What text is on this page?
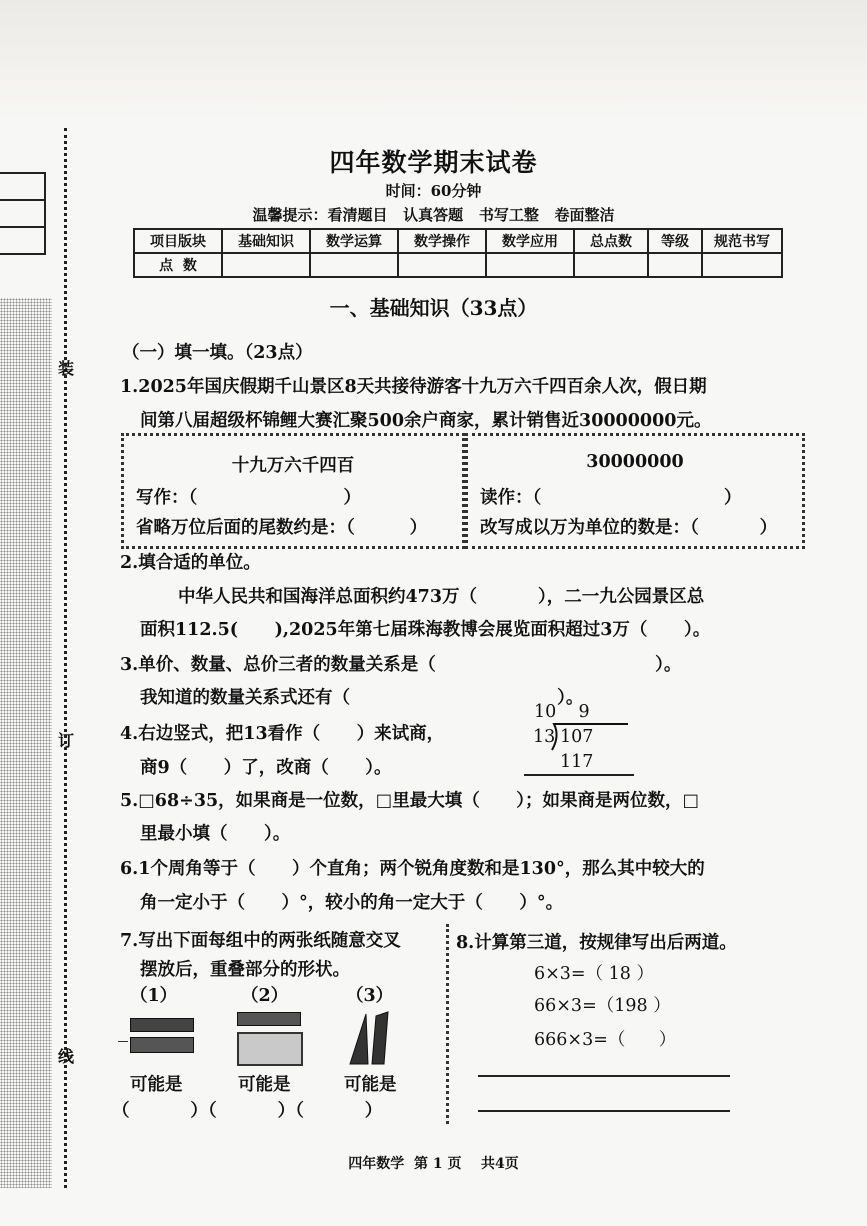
装
订
线
四年数学期末试卷
时间：60分钟
温馨提示：看清题目   认真答题   书写工整   卷面整洁
项目版块	基础知识	数学运算	数学操作	数学应用	总点数	等级	规范书写
点  数							
一、基础知识（33点）
（一）填一填。（23点）
1.2025年国庆假期千山景区8天共接待游客十九万六千四百余人次，假日期
间第八届超级杯锦鲤大赛汇聚500余户商家，累计销售近30000000元。
十九万六千四百
写作：（                        ）
省略万位后面的尾数约是：（         ）
30000000
读作：（                              ）
改写成以万为单位的数是：（          ）
2.填合适的单位。
中华人民共和国海洋总面积约473万（          ），二一九公园景区总
面积112.5(      ),2025年第七届珠海教博会展览面积超过3万（      ）。
3.单价、数量、总价三者的数量关系是（                                    ）。
我知道的数量关系式还有（                                  ）。
4.右边竖式，把13看作（      ）来试商，
商9（      ）了，改商（      ）。
10    9
13 107
117
5.□68÷35，如果商是一位数，□里最大填（      ）；如果商是两位数，□
里最小填（      ）。
6.1个周角等于（      ）个直角；两个锐角度数和是130°，那么其中较大的
角一定小于（      ）°，较小的角一定大于（      ）°。
7.写出下面每组中的两张纸随意交叉
摆放后，重叠部分的形状。
（1）	（2）	（3）
可能是	可能是	可能是
（          ）（          ）（          ）
8.计算第三道，按规律写出后两道。
6×3=（ 18 ）
66×3=（198 ）
666×3=（      ）
四年数学  第 1 页    共4页
